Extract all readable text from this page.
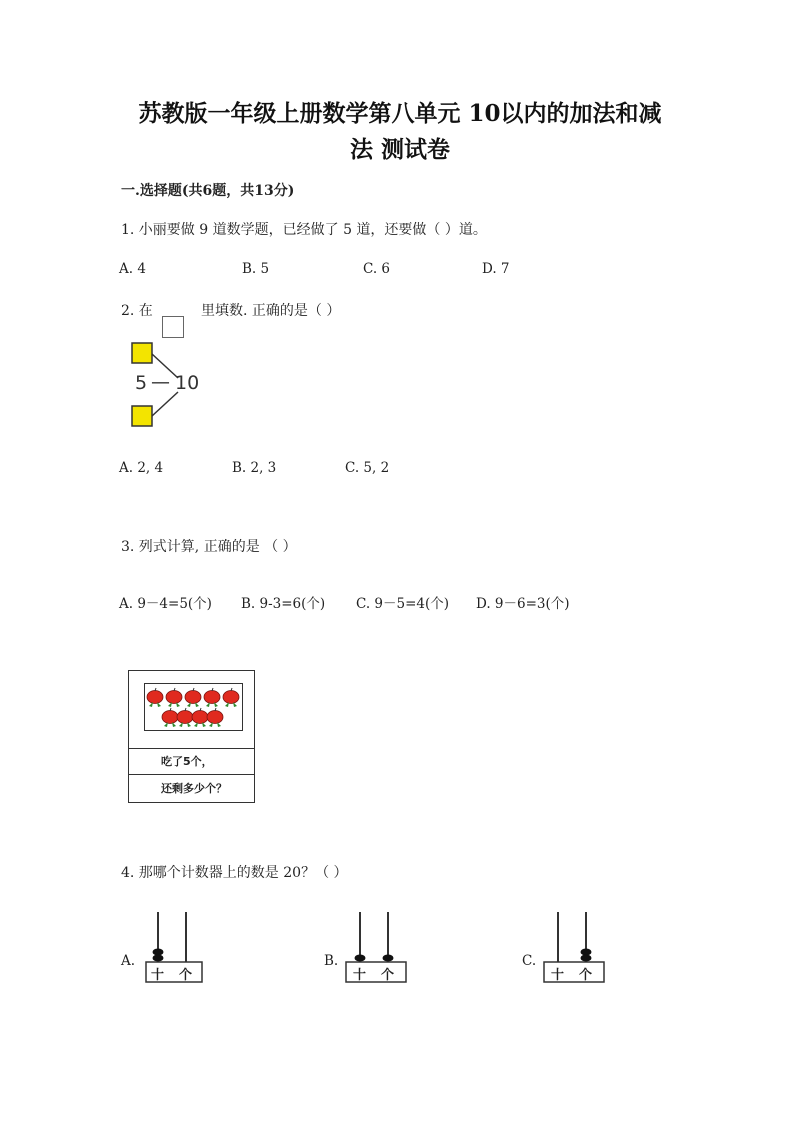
苏教版一年级上册数学第八单元 10以内的加法和减
法 测试卷
一.选择题(共6题，共13分)
1. 小丽要做 9 道数学题，已经做了 5 道，还要做（ ）道。
A. 4	B. 5	C. 6	D. 7
2. 在	里填数. 正确的是（ ）
5 — 10
A. 2, 4	B. 2, 3	C. 5, 2
3. 列式计算, 正确的是 （ ）
A. 9－4=5(个) B. 9-3=6(个) C. 9－5=4(个) D. 9－6=3(个)
吃了5个，
还剩多少个？
4. 那哪个计数器上的数是 20？（ ）
A.
十 个
B.
十 个
C.
十 个
